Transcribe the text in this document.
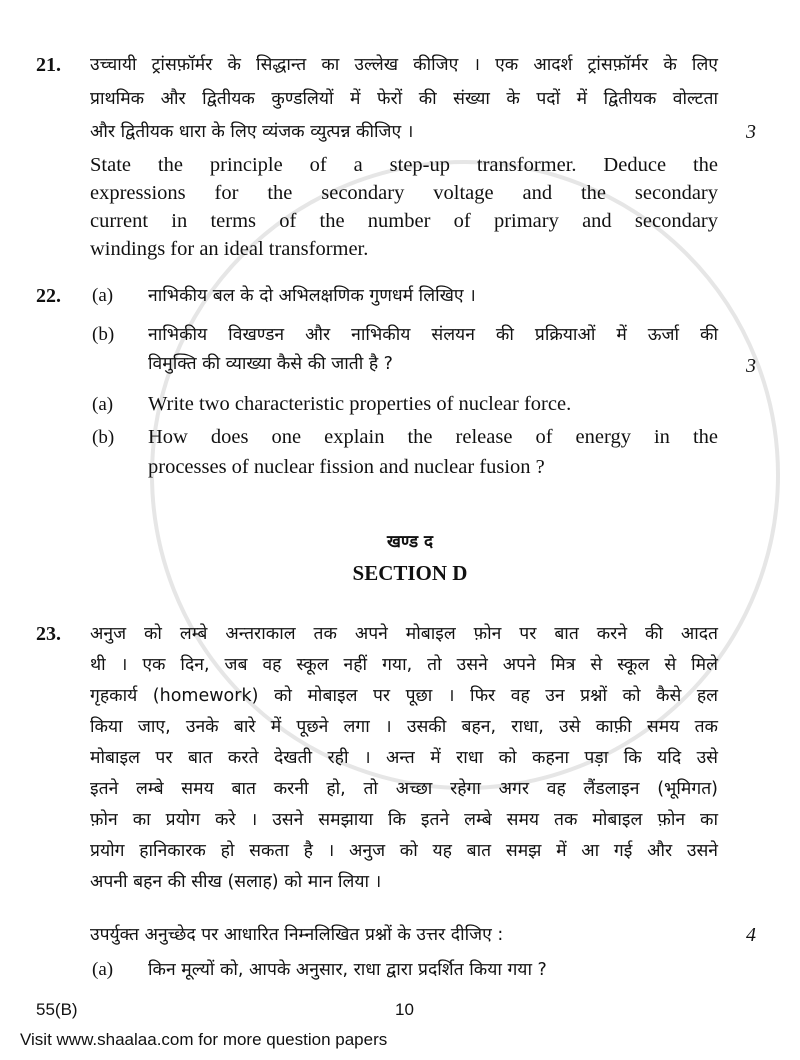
21. उच्चायी ट्रांसफ़ॉर्मर के सिद्धान्त का उल्लेख कीजिए । एक आदर्श ट्रांसफ़ॉर्मर के लिए
प्राथमिक और द्वितीयक कुण्डलियों में फेरों की संख्या के पदों में द्वितीयक वोल्टता
और द्वितीयक धारा के लिए व्यंजक व्युत्पन्न कीजिए ।	3
State the principle of a step-up transformer. Deduce the
expressions for the secondary voltage and the secondary
current in terms of the number of primary and secondary
windings for an ideal transformer.
22. (a) नाभिकीय बल के दो अभिलक्षणिक गुणधर्म लिखिए ।
(b) नाभिकीय विखण्डन और नाभिकीय संलयन की प्रक्रियाओं में ऊर्जा की
विमुक्ति की व्याख्या कैसे की जाती है ?	3
(a) Write two characteristic properties of nuclear force.
(b) How does one explain the release of energy in the
processes of nuclear fission and nuclear fusion ?
खण्ड द
SECTION D
23. अनुज को लम्बे अन्तराकाल तक अपने मोबाइल फ़ोन पर बात करने की आदत
थी । एक दिन, जब वह स्कूल नहीं गया, तो उसने अपने मित्र से स्कूल से मिले
गृहकार्य (homework) को मोबाइल पर पूछा । फिर वह उन प्रश्नों को कैसे हल
किया जाए, उनके बारे में पूछने लगा । उसकी बहन, राधा, उसे काफ़ी समय तक
मोबाइल पर बात करते देखती रही । अन्त में राधा को कहना पड़ा कि यदि उसे
इतने लम्बे समय बात करनी हो, तो अच्छा रहेगा अगर वह लैंडलाइन (भूमिगत)
फ़ोन का प्रयोग करे । उसने समझाया कि इतने लम्बे समय तक मोबाइल फ़ोन का
प्रयोग हानिकारक हो सकता है । अनुज को यह बात समझ में आ गई और उसने
अपनी बहन की सीख (सलाह) को मान लिया ।
उपर्युक्त अनुच्छेद पर आधारित निम्नलिखित प्रश्नों के उत्तर दीजिए :	4
(a) किन मूल्यों को, आपके अनुसार, राधा द्वारा प्रदर्शित किया गया ?
55(B)	10
Visit www.shaalaa.com for more question papers
